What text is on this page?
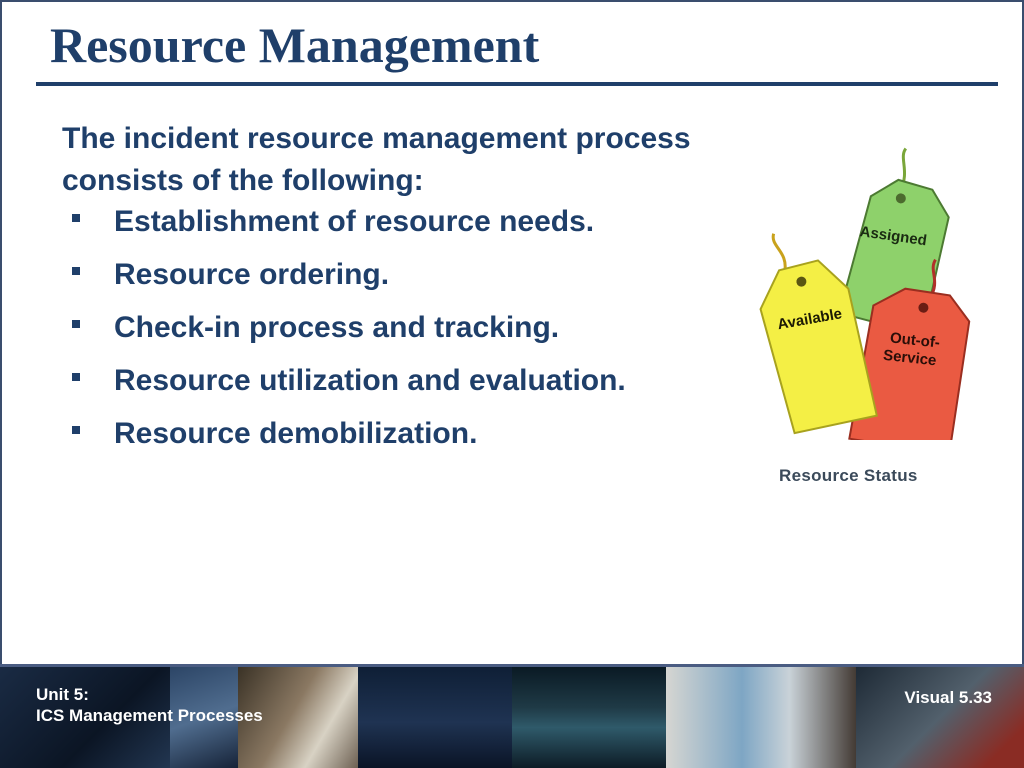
Resource Management

The incident resource management process consists of the following:

Establishment of resource needs.
Resource ordering.
Check-in process and tracking.
Resource utilization and evaluation.
Resource demobilization.
Assigned
Out-of-
Service
Available

Resource Status

Unit 5:
ICS Management Processes

Visual 5.33
